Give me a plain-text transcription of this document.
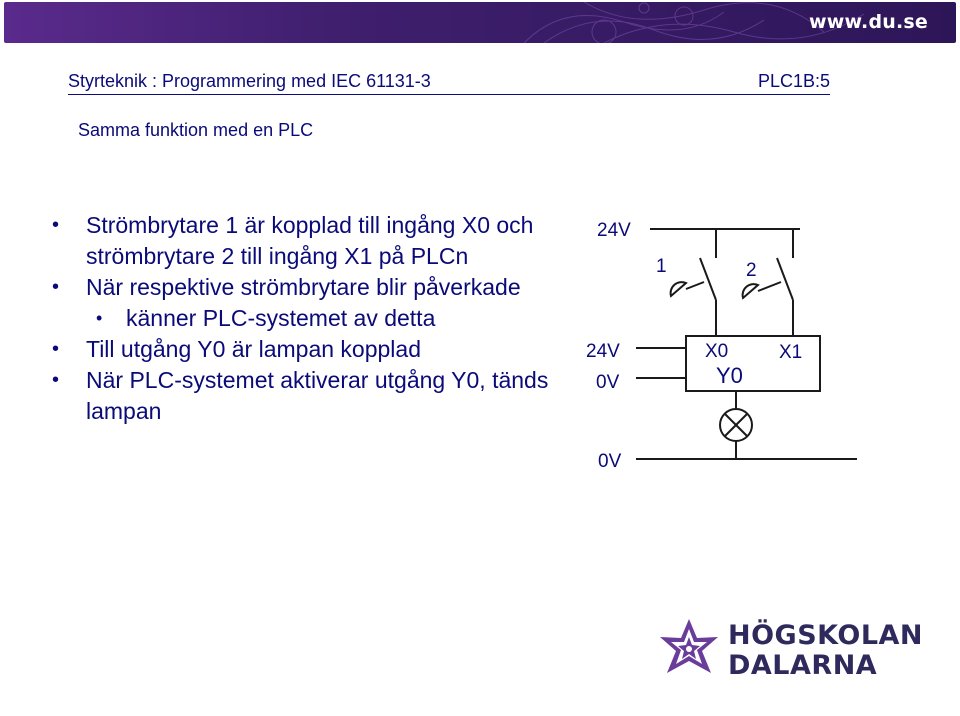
www.du.se
Styrteknik : Programmering med IEC 61131-3	PLC1B:5
Samma funktion med en PLC
• Strömbrytare 1 är kopplad till ingång X0 och strömbrytare 2 till ingång X1 på PLCn
• När respektive strömbrytare blir påverkade
• känner PLC-systemet av detta
• Till utgång Y0 är lampan kopplad
• När PLC-systemet aktiverar utgång Y0, tänds lampan
24V
1	2
24V
0V
X0	X1
Y0
0V
HÖGSKOLAN
DALARNA
